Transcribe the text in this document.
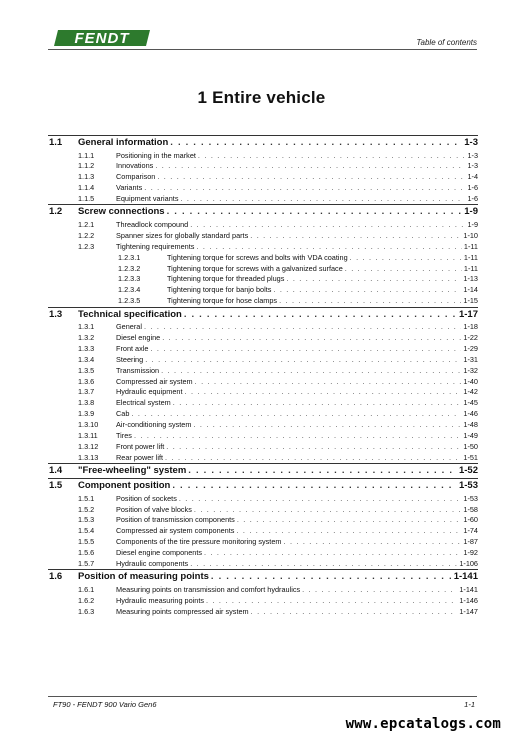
FENDT	Table of contents
1 Entire vehicle
1.1 General information . . .	1-3
1.1.1	Positioning in the market . . .	1-3
1.1.2	Innovations . . .	1-3
1.1.3	Comparison . . .	1-4
1.1.4	Variants . . .	1-6
1.1.5	Equipment variants . . .	1-6
1.2 Screw connections . . .	1-9
1.2.1	Threadlock compound . . .	1-9
1.2.2	Spanner sizes for globally standard parts . . .	1-10
1.2.3	Tightening requirements . . .	1-11
1.2.3.1	Tightening torque for screws and bolts with VDA coating . . .	1-11
1.2.3.2	Tightening torque for screws with a galvanized surface . . .	1-11
1.2.3.3	Tightening torque for threaded plugs . . .	1-13
1.2.3.4	Tightening torque for banjo bolts . . .	1-14
1.2.3.5	Tightening torque for hose clamps . . .	1-15
1.3 Technical specification . . .	1-17
1.3.1	General . . .	1-18
1.3.2	Diesel engine . . .	1-22
1.3.3	Front axle . . .	1-29
1.3.4	Steering . . .	1-31
1.3.5	Transmission . . .	1-32
1.3.6	Compressed air system . . .	1-40
1.3.7	Hydraulic equipment . . .	1-42
1.3.8	Electrical system . . .	1-45
1.3.9	Cab . . .	1-46
1.3.10 Air-conditioning system . . .	1-48
1.3.11	Tires . . .	1-49
1.3.12 Front power lift . . .	1-50
1.3.13 Rear power lift . . .	1-51
1.4 "Free-wheeling" system . . .	1-52
1.5 Component position . . .	1-53
1.5.1	Position of sockets . . .	1-53
1.5.2	Position of valve blocks . . .	1-58
1.5.3	Position of transmission components . . .	1-60
1.5.4	Compressed air system components . . .	1-74
1.5.5	Components of the tire pressure monitoring system . . .	1-87
1.5.6	Diesel engine components . . .	1-92
1.5.7	Hydraulic components . . .	1-106
1.6 Position of measuring points . . .	1-141
1.6.1	Measuring points on transmission and comfort hydraulics . . .	1-141
1.6.2	Hydraulic measuring points . . .	1-146
1.6.3	Measuring points compressed air system . . .	1-147
FT90 - FENDT 900 Vario Gen6	1-1
www.epcatalogs.com
